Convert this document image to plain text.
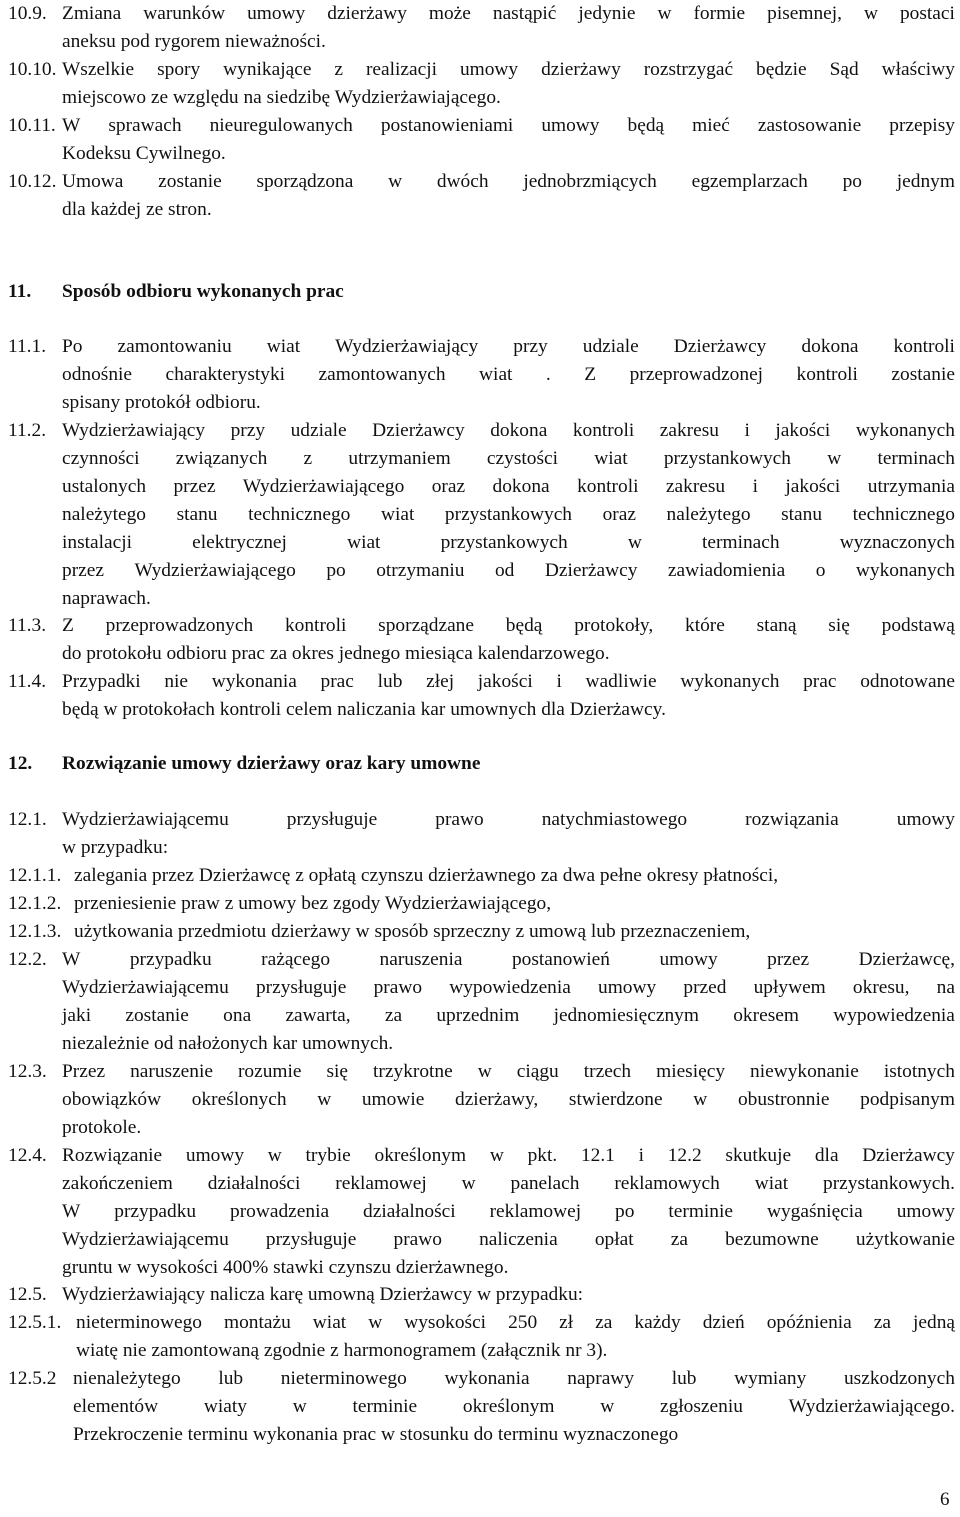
10.9. Zmiana warunków umowy dzierżawy może nastąpić jedynie w formie pisemnej, w postaci
aneksu pod rygorem nieważności.
10.10. Wszelkie spory wynikające z realizacji umowy dzierżawy rozstrzygać będzie Sąd właściwy
miejscowo ze względu na siedzibę Wydzierżawiającego.
10.11. W sprawach nieuregulowanych postanowieniami umowy będą mieć zastosowanie przepisy
Kodeksu Cywilnego.
10.12. Umowa zostanie sporządzona w dwóch jednobrzmiących egzemplarzach po jednym
dla każdej ze stron.
11. Sposób odbioru wykonanych prac
11.1. Po zamontowaniu wiat Wydzierżawiający przy udziale Dzierżawcy dokona kontroli
odnośnie charakterystyki zamontowanych wiat . Z przeprowadzonej kontroli zostanie
spisany protokół odbioru.
11.2. Wydzierżawiający przy udziale Dzierżawcy dokona kontroli zakresu i jakości wykonanych
czynności związanych z utrzymaniem czystości wiat przystankowych w terminach
ustalonych przez Wydzierżawiającego oraz dokona kontroli zakresu i jakości utrzymania
należytego stanu technicznego wiat przystankowych oraz należytego stanu technicznego
instalacji	elektrycznej	wiat	przystankowych	w	terminach	wyznaczonych
przez Wydzierżawiającego po otrzymaniu od Dzierżawcy zawiadomienia o wykonanych
naprawach.
11.3. Z przeprowadzonych kontroli sporządzane będą protokoły, które staną się podstawą
do protokołu odbioru prac za okres jednego miesiąca kalendarzowego.
11.4. Przypadki nie wykonania prac lub złej jakości i wadliwie wykonanych prac odnotowane
będą w protokołach kontroli celem naliczania kar umownych dla Dzierżawcy.
12. Rozwiązanie umowy dzierżawy oraz kary umowne
12.1. Wydzierżawiającemu	przysługuje	prawo	natychmiastowego	rozwiązania	umowy
w przypadku:
12.1.1. zalegania przez Dzierżawcę z opłatą czynszu dzierżawnego za dwa pełne okresy płatności,
12.1.2. przeniesienie praw z umowy bez zgody Wydzierżawiającego,
12.1.3. użytkowania przedmiotu dzierżawy w sposób sprzeczny z umową lub przeznaczeniem,
12.2. W	przypadku	rażącego	naruszenia	postanowień	umowy	przez	Dzierżawcę,
Wydzierżawiającemu przysługuje prawo wypowiedzenia umowy przed upływem okresu, na
jaki zostanie ona zawarta, za uprzednim jednomiesięcznym okresem wypowiedzenia
niezależnie od nałożonych kar umownych.
12.3. Przez naruszenie rozumie się trzykrotne w ciągu trzech miesięcy niewykonanie istotnych
obowiązków określonych w umowie dzierżawy, stwierdzone w obustronnie podpisanym
protokole.
12.4. Rozwiązanie umowy w trybie określonym w pkt. 12.1 i 12.2 skutkuje dla Dzierżawcy
zakończeniem działalności reklamowej w panelach reklamowych wiat przystankowych.
W przypadku prowadzenia działalności reklamowej po terminie wygaśnięcia umowy
Wydzierżawiającemu przysługuje prawo naliczenia opłat za bezumowne użytkowanie
gruntu w wysokości 400% stawki czynszu dzierżawnego.
12.5. Wydzierżawiający nalicza karę umowną Dzierżawcy w przypadku:
12.5.1. nieterminowego montażu wiat w wysokości 250 zł za każdy dzień opóźnienia za jedną
wiatę nie zamontowaną zgodnie z harmonogramem (załącznik nr 3).
12.5.2 nienależytego lub nieterminowego wykonania naprawy lub wymiany uszkodzonych
elementów wiaty w terminie określonym w zgłoszeniu Wydzierżawiającego.
Przekroczenie terminu wykonania prac w stosunku do terminu wyznaczonego
6
